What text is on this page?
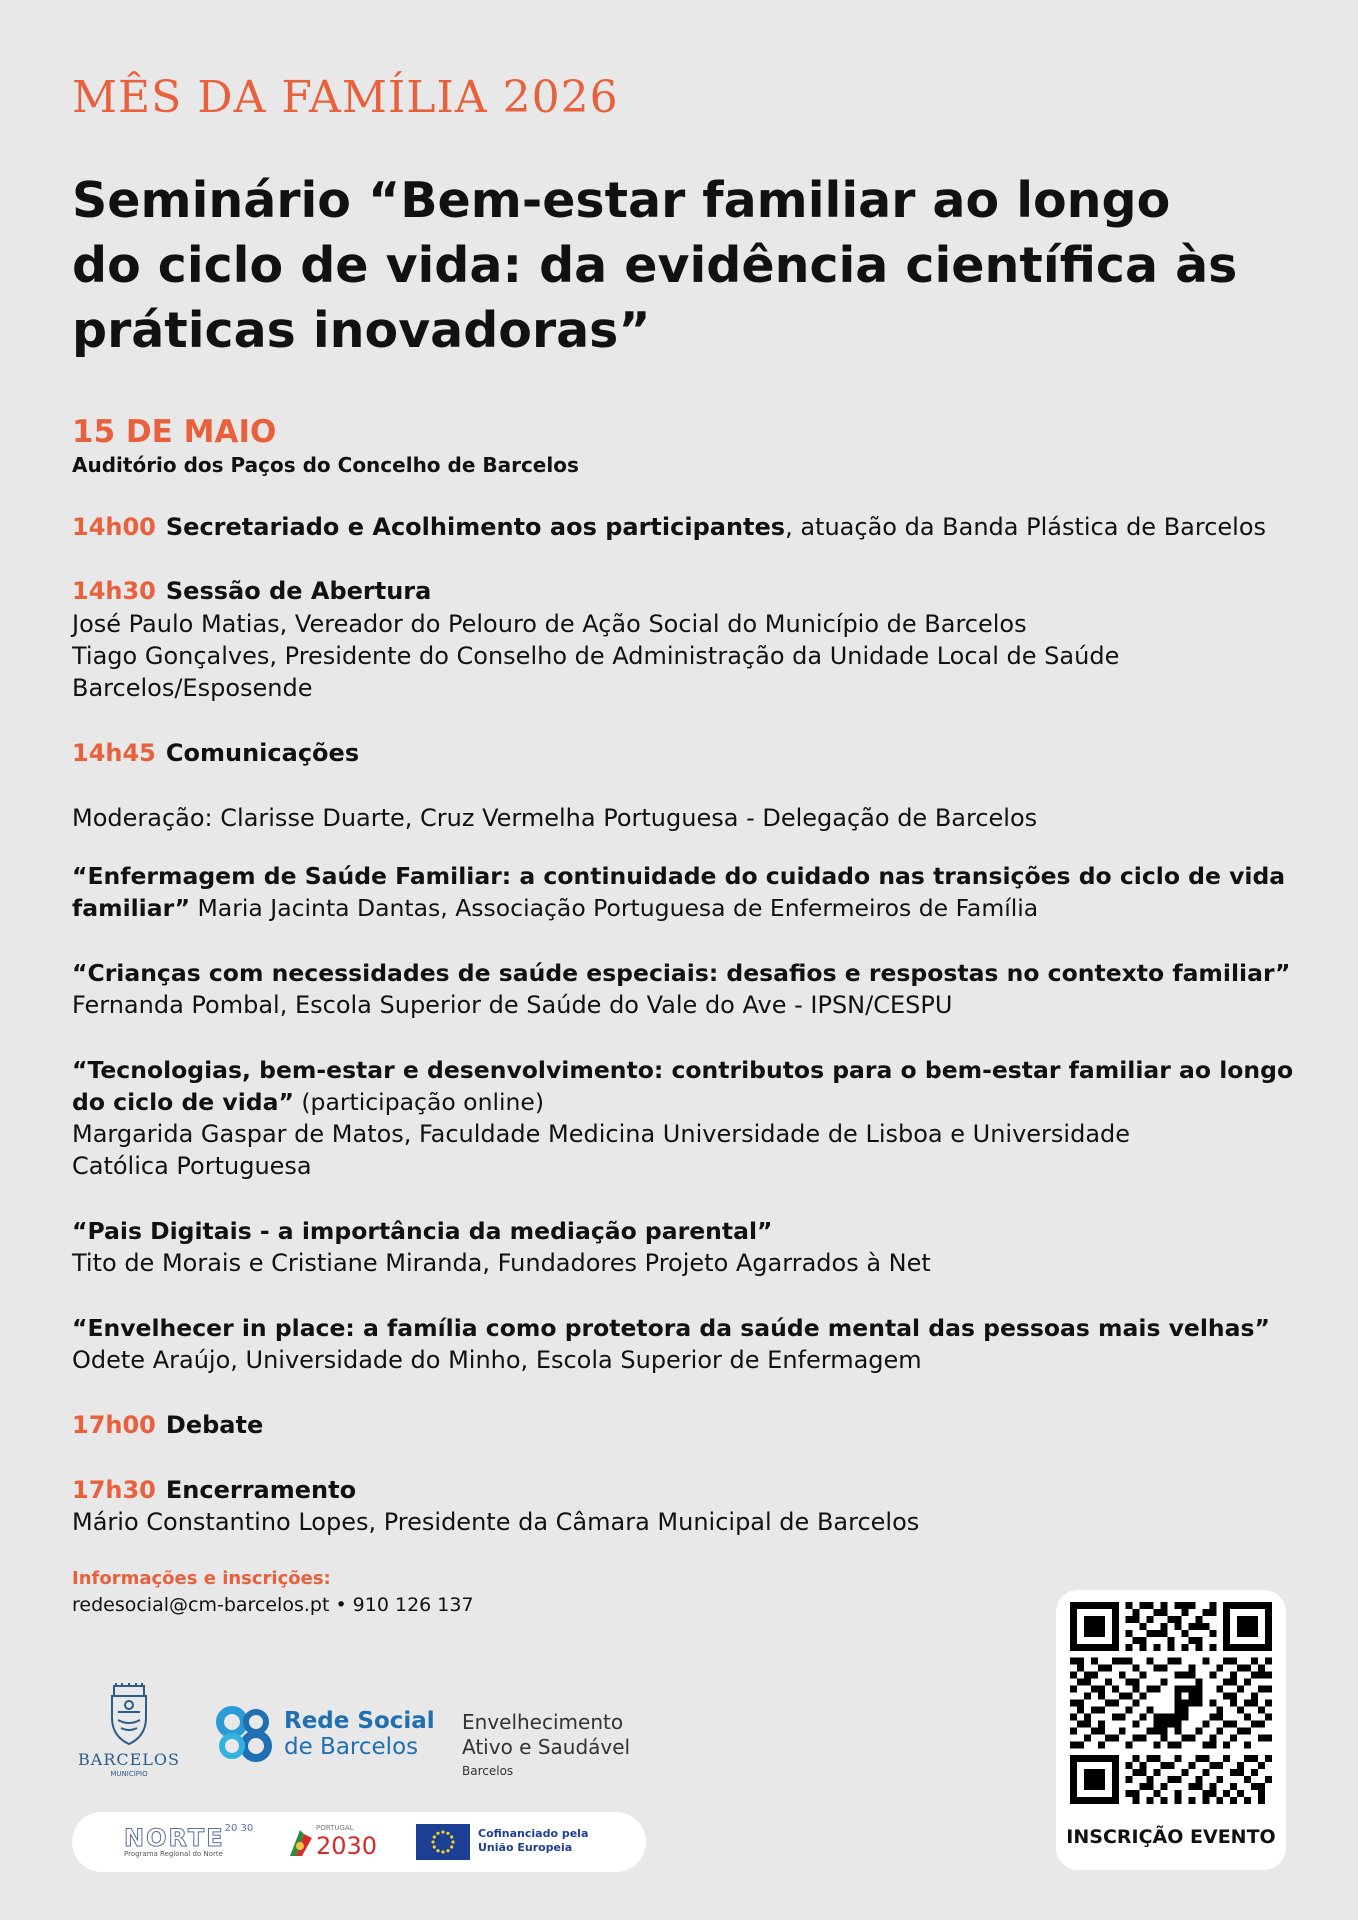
MÊS DA FAMÍLIA 2026
Seminário “Bem-estar familiar ao longo
do ciclo de vida: da evidência científica às
práticas inovadoras”
15 DE MAIO
Auditório dos Paços do Concelho de Barcelos
14h00 Secretariado e Acolhimento aos participantes, atuação da Banda Plástica de Barcelos
14h30 Sessão de Abertura
José Paulo Matias, Vereador do Pelouro de Ação Social do Município de Barcelos
Tiago Gonçalves, Presidente do Conselho de Administração da Unidade Local de Saúde
Barcelos/Esposende
14h45 Comunicações
Moderação: Clarisse Duarte, Cruz Vermelha Portuguesa - Delegação de Barcelos
“Enfermagem de Saúde Familiar: a continuidade do cuidado nas transições do ciclo de vida
familiar” Maria Jacinta Dantas, Associação Portuguesa de Enfermeiros de Família
“Crianças com necessidades de saúde especiais: desafios e respostas no contexto familiar”
Fernanda Pombal, Escola Superior de Saúde do Vale do Ave - IPSN/CESPU
“Tecnologias, bem-estar e desenvolvimento: contributos para o bem-estar familiar ao longo
do ciclo de vida” (participação online)
Margarida Gaspar de Matos, Faculdade Medicina Universidade de Lisboa e Universidade
Católica Portuguesa
“Pais Digitais - a importância da mediação parental”
Tito de Morais e Cristiane Miranda, Fundadores Projeto Agarrados à Net
“Envelhecer in place: a família como protetora da saúde mental das pessoas mais velhas”
Odete Araújo, Universidade do Minho, Escola Superior de Enfermagem
17h00 Debate
17h30 Encerramento
Mário Constantino Lopes, Presidente da Câmara Municipal de Barcelos
Informações e inscrições:
redesocial@cm-barcelos.pt • 910 126 137
INSCRIÇÃO EVENTO
BARCELOS
MUNICÍPIO
Rede Social
de Barcelos
Envelhecimento
Ativo e Saudável
Barcelos
NORTE20 30
Programa Regional do Norte
PORTUGAL
2030	Cofinanciado pela
União Europeia
